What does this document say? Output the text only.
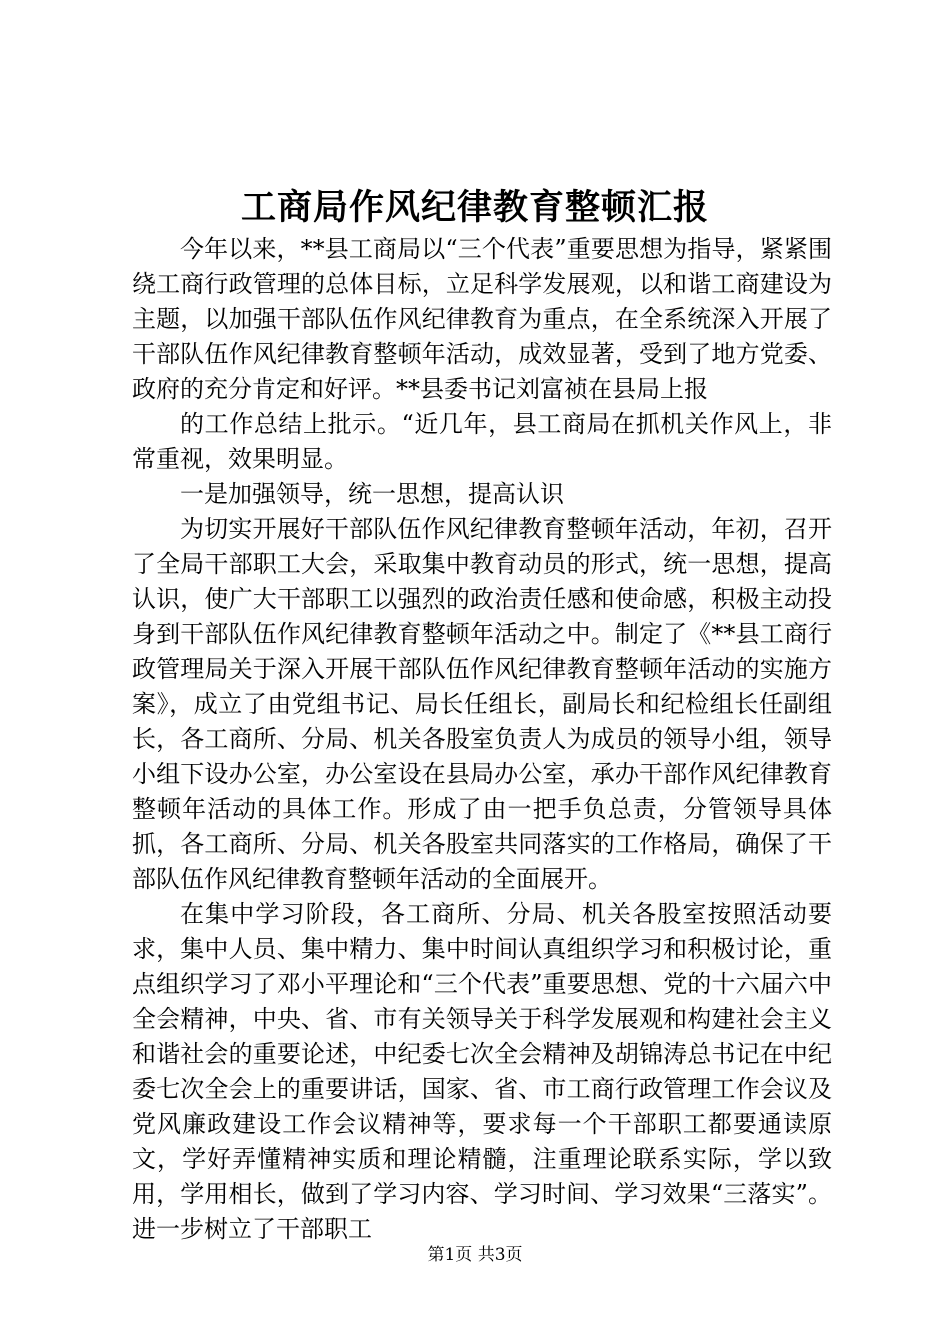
工商局作风纪律教育整顿汇报

今年以来，**县工商局以“三个代表”重要思想为指导，紧紧围绕工商行政管理的总体目标，立足科学发展观，以和谐工商建设为主题，以加强干部队伍作风纪律教育为重点，在全系统深入开展了干部队伍作风纪律教育整顿年活动，成效显著，受到了地方党委、政府的充分肯定和好评。**县委书记刘富祯在县局上报

的工作总结上批示。“近几年，县工商局在抓机关作风上，非常重视，效果明显。

一是加强领导，统一思想，提高认识

为切实开展好干部队伍作风纪律教育整顿年活动，年初，召开了全局干部职工大会，采取集中教育动员的形式，统一思想，提高认识，使广大干部职工以强烈的政治责任感和使命感，积极主动投身到干部队伍作风纪律教育整顿年活动之中。制定了《**县工商行政管理局关于深入开展干部队伍作风纪律教育整顿年活动的实施方案》，成立了由党组书记、局长任组长，副局长和纪检组长任副组长，各工商所、分局、机关各股室负责人为成员的领导小组，领导小组下设办公室，办公室设在县局办公室，承办干部作风纪律教育整顿年活动的具体工作。形成了由一把手负总责，分管领导具体抓，各工商所、分局、机关各股室共同落实的工作格局，确保了干部队伍作风纪律教育整顿年活动的全面展开。

在集中学习阶段，各工商所、分局、机关各股室按照活动要求，集中人员、集中精力、集中时间认真组织学习和积极讨论，重点组织学习了邓小平理论和“三个代表”重要思想、党的十六届六中全会精神，中央、省、市有关领导关于科学发展观和构建社会主义和谐社会的重要论述，中纪委七次全会精神及胡锦涛总书记在中纪委七次全会上的重要讲话，国家、省、市工商行政管理工作会议及党风廉政建设工作会议精神等，要求每一个干部职工都要通读原文，学好弄懂精神实质和理论精髓，注重理论联系实际，学以致用，学用相长，做到了学习内容、学习时间、学习效果“三落实”。进一步树立了干部职工

第1页 共3页
